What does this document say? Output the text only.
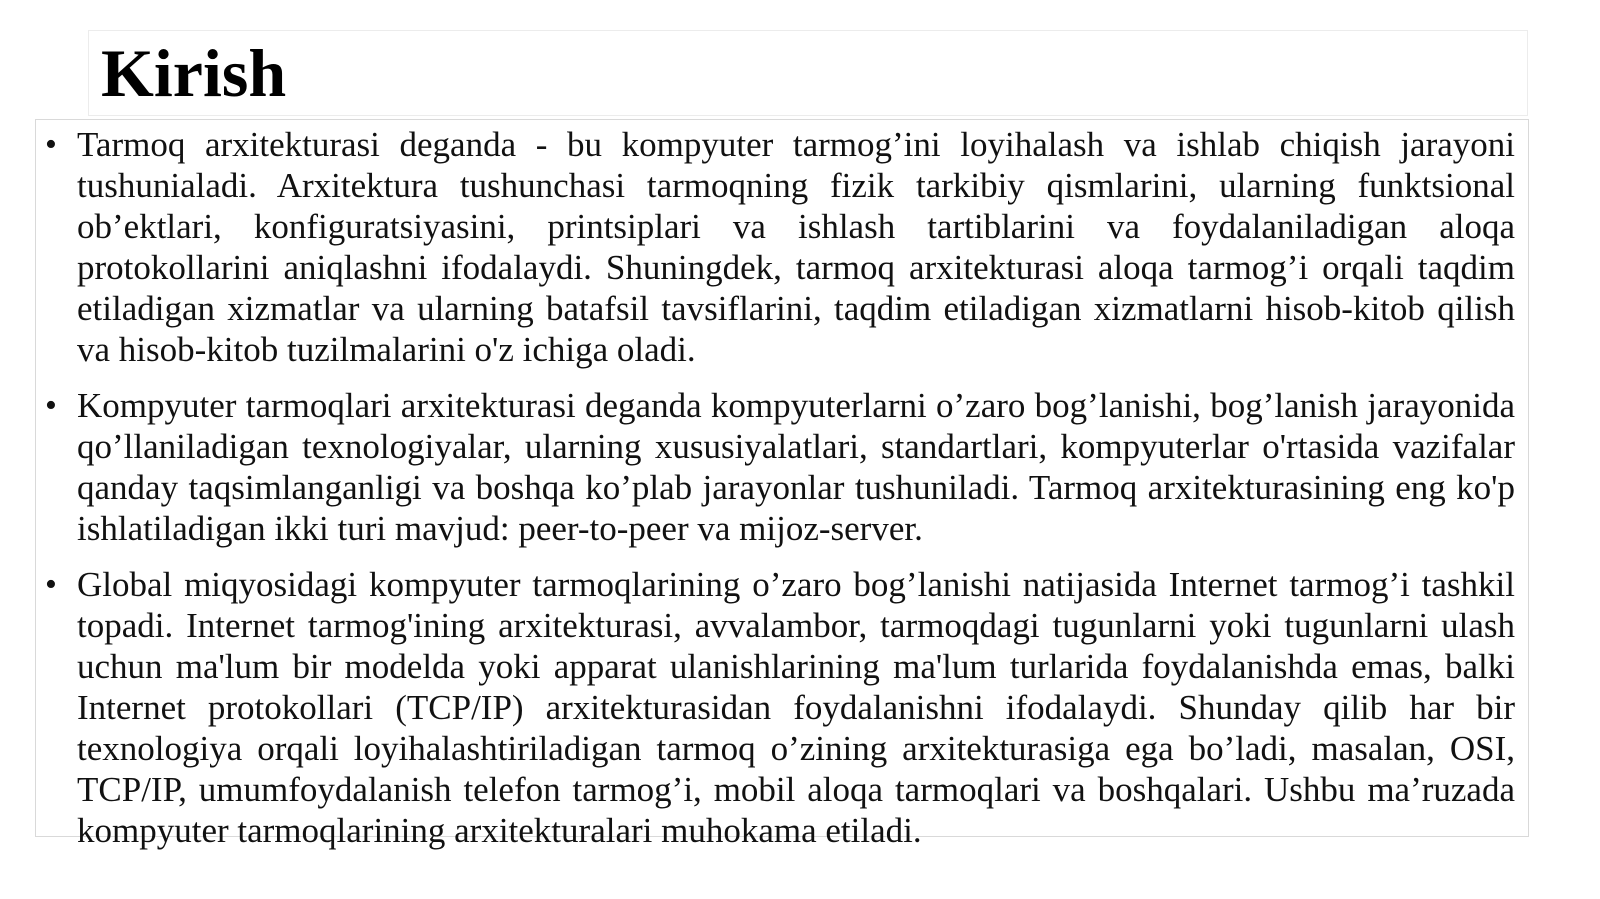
Kirish
• Tarmoq arxitekturasi deganda - bu kompyuter tarmog’ini loyihalash va ishlab chiqish jarayoni tushunialadi. Arxitektura tushunchasi tarmoqning fizik tarkibiy qismlarini, ularning funktsional ob’ektlari, konfiguratsiyasini, printsiplari va ishlash tartiblarini va foydalaniladigan aloqa protokollarini aniqlashni ifodalaydi. Shuningdek, tarmoq arxitekturasi aloqa tarmog’i orqali taqdim etiladigan xizmatlar va ularning batafsil tavsiflarini, taqdim etiladigan xizmatlarni hisob-kitob qilish va hisob-kitob tuzilmalarini o'z ichiga oladi.
• Kompyuter tarmoqlari arxitekturasi deganda kompyuterlarni o’zaro bog’lanishi, bog’lanish jarayonida qo’llaniladigan texnologiyalar, ularning xususiyalatlari, standartlari, kompyuterlar o'rtasida vazifalar qanday taqsimlanganligi va boshqa ko’plab jarayonlar tushuniladi. Tarmoq arxitekturasining eng ko'p ishlatiladigan ikki turi mavjud: peer-to-peer va mijoz-server.
• Global miqyosidagi kompyuter tarmoqlarining o’zaro bog’lanishi natijasida Internet tarmog’i tashkil topadi. Internet tarmog'ining arxitekturasi, avvalambor, tarmoqdagi tugunlarni yoki tugunlarni ulash uchun ma'lum bir modelda yoki apparat ulanishlarining ma'lum turlarida foydalanishda emas, balki Internet protokollari (TCP/IP) arxitekturasidan foydalanishni ifodalaydi. Shunday qilib har bir texnologiya orqali loyihalashtiriladigan tarmoq o’zining arxitekturasiga ega bo’ladi, masalan, OSI, TCP/IP, umumfoydalanish telefon tarmog’i, mobil aloqa tarmoqlari va boshqalari. Ushbu ma’ruzada kompyuter tarmoqlarining arxitekturalari muhokama etiladi.
